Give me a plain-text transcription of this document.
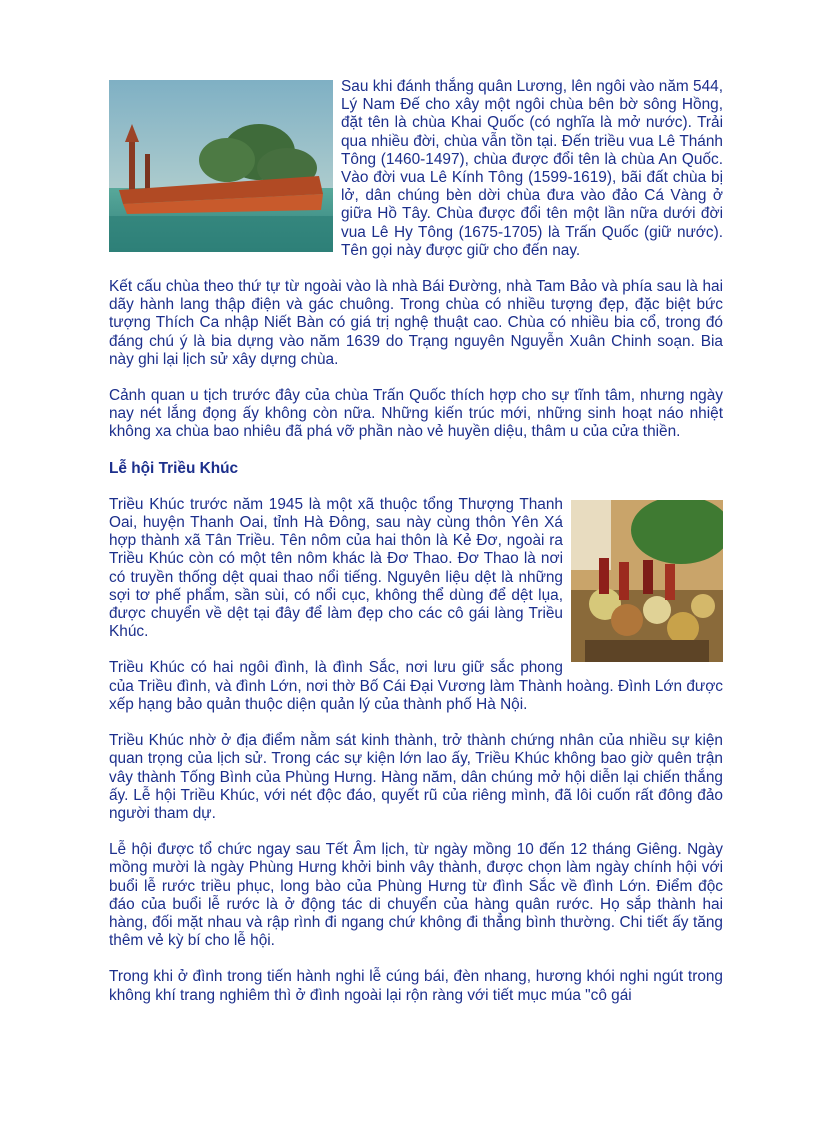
Sau khi đánh thắng quân Lương, lên ngôi vào năm 544, Lý Nam Đế cho xây một ngôi chùa bên bờ sông Hồng, đặt tên là chùa Khai Quốc (có nghĩa là mở nước). Trải qua nhiều đời, chùa vẫn tồn tại. Đến triều vua Lê Thánh Tông (1460-1497), chùa được đổi tên là chùa An Quốc. Vào đời vua Lê Kính Tông (1599-1619), bãi đất chùa bị lở, dân chúng bèn dời chùa đưa vào đảo Cá Vàng ở giữa Hồ Tây. Chùa được đổi tên một lần nữa dưới đời vua Lê Hy Tông (1675-1705) là Trấn Quốc (giữ nước). Tên gọi này được giữ cho đến nay.

Kết cấu chùa theo thứ tự từ ngoài vào là nhà Bái Đường, nhà Tam Bảo và phía sau là hai dãy hành lang thập điện và gác chuông. Trong chùa có nhiều tượng đẹp, đặc biệt bức tượng Thích Ca nhập Niết Bàn có giá trị nghệ thuật cao. Chùa có nhiều bia cổ, trong đó đáng chú ý là bia dựng vào năm 1639 do Trạng nguyên Nguyễn Xuân Chinh soạn. Bia này ghi lại lịch sử xây dựng chùa.

Cảnh quan u tịch trước đây của chùa Trấn Quốc thích hợp cho sự tĩnh tâm, nhưng ngày nay nét lắng đọng ấy không còn nữa. Những kiến trúc mới, những sinh hoạt náo nhiệt không xa chùa bao nhiêu đã phá vỡ phần nào vẻ huyền diệu, thâm u của cửa thiền.

Lễ hội Triều Khúc

Triều Khúc trước năm 1945 là một xã thuộc tổng Thượng Thanh Oai, huyện Thanh Oai, tỉnh Hà Đông, sau này cùng thôn Yên Xá hợp thành xã Tân Triều. Tên nôm của hai thôn là Kẻ Đơ, ngoài ra Triều Khúc còn có một tên nôm khác là Đơ Thao. Đơ Thao là nơi có truyền thống dệt quai thao nổi tiếng. Nguyên liệu dệt là những sợi tơ phế phẩm, sần sùi, có nổi cục, không thể dùng để dệt lụa, được chuyển về dệt tại đây để làm đẹp cho các cô gái làng Triều Khúc.

Triều Khúc có hai ngôi đình, là đình Sắc, nơi lưu giữ sắc phong của Triều đình, và đình Lớn, nơi thờ Bố Cái Đại Vương làm Thành hoàng. Đình Lớn được xếp hạng bảo quản thuộc diện quản lý của thành phố Hà Nội.

Triều Khúc nhờ ở địa điểm nằm sát kinh thành, trở thành chứng nhân của nhiều sự kiện quan trọng của lịch sử. Trong các sự kiện lớn lao ấy, Triều Khúc không bao giờ quên trận vây thành Tống Bình của Phùng Hưng. Hàng năm, dân chúng mở hội diễn lại chiến thắng ấy. Lễ hội Triều Khúc, với nét độc đáo, quyết rũ của riêng mình, đã lôi cuốn rất đông đảo người tham dự.

Lễ hội được tổ chức ngay sau Tết Âm lịch, từ ngày mồng 10 đến 12 tháng Giêng. Ngày mồng mười là ngày Phùng Hưng khởi binh vây thành, được chọn làm ngày chính hội với buổi lễ rước triều phục, long bào của Phùng Hưng từ đình Sắc về đình Lớn. Điểm độc đáo của buổi lễ rước là ở động tác di chuyển của hàng quân rước. Họ sắp thành hai hàng, đối mặt nhau và rập rình đi ngang chứ không đi thẳng bình thường. Chi tiết ấy tăng thêm vẻ kỳ bí cho lễ hội.

Trong khi ở đình trong tiến hành nghi lễ cúng bái, đèn nhang, hương khói nghi ngút trong không khí trang nghiêm thì ở đình ngoài lại rộn ràng với tiết mục múa "cô gái
